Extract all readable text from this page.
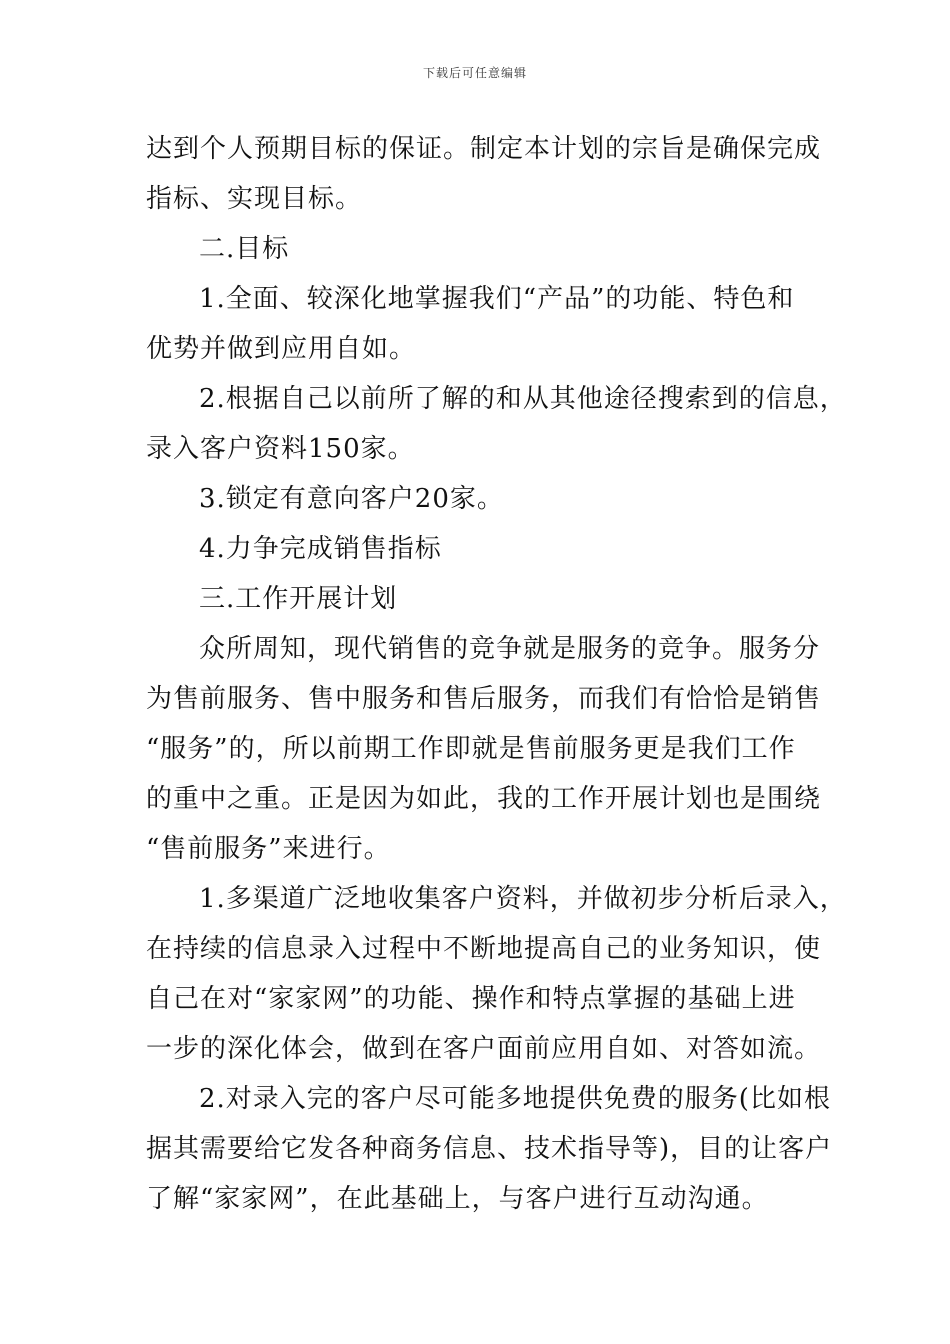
下载后可任意编辑
达到个人预期目标的保证。制定本计划的宗旨是确保完成
指标、实现目标。
二.目标
1.全面、较深化地掌握我们“产品”的功能、特色和
优势并做到应用自如。
2.根据自己以前所了解的和从其他途径搜索到的信息，
录入客户资料150家。
3.锁定有意向客户20家。
4.力争完成销售指标
三.工作开展计划
众所周知，现代销售的竞争就是服务的竞争。服务分
为售前服务、售中服务和售后服务，而我们有恰恰是销售
“服务”的，所以前期工作即就是售前服务更是我们工作
的重中之重。正是因为如此，我的工作开展计划也是围绕
“售前服务”来进行。
1.多渠道广泛地收集客户资料，并做初步分析后录入，
在持续的信息录入过程中不断地提高自己的业务知识，使
自己在对“家家网”的功能、操作和特点掌握的基础上进
一步的深化体会，做到在客户面前应用自如、对答如流。
2.对录入完的客户尽可能多地提供免费的服务(比如根
据其需要给它发各种商务信息、技术指导等)，目的让客户
了解“家家网”，在此基础上，与客户进行互动沟通。
